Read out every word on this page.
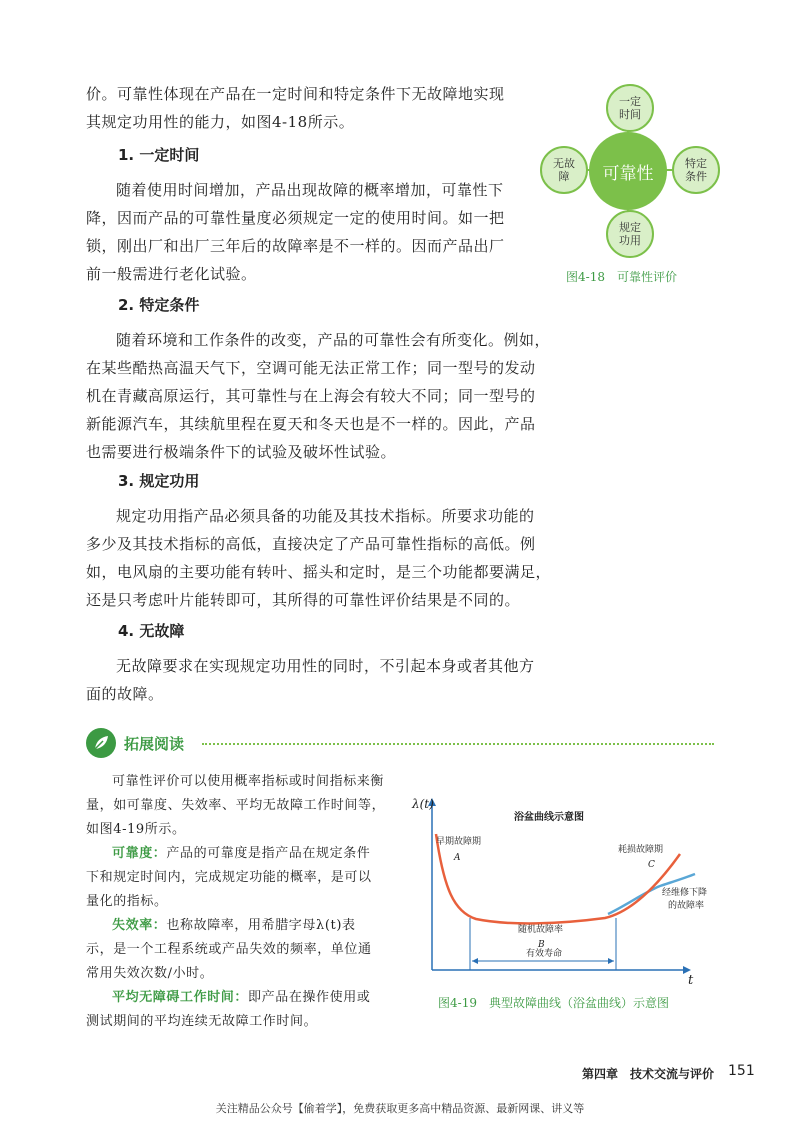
价。可靠性体现在产品在一定时间和特定条件下无故障地实现
其规定功用性的能力，如图4-18所示。
1. 一定时间
随着使用时间增加，产品出现故障的概率增加，可靠性下
降，因而产品的可靠性量度必须规定一定的使用时间。如一把
锁，刚出厂和出厂三年后的故障率是不一样的。因而产品出厂
前一般需进行老化试验。
2. 特定条件
随着环境和工作条件的改变，产品的可靠性会有所变化。例如，
在某些酷热高温天气下，空调可能无法正常工作；同一型号的发动
机在青藏高原运行，其可靠性与在上海会有较大不同；同一型号的
新能源汽车，其续航里程在夏天和冬天也是不一样的。因此，产品
也需要进行极端条件下的试验及破坏性试验。
3. 规定功用
规定功用指产品必须具备的功能及其技术指标。所要求功能的
多少及其技术指标的高低，直接决定了产品可靠性指标的高低。例
如，电风扇的主要功能有转叶、摇头和定时，是三个功能都要满足，
还是只考虑叶片能转即可，其所得的可靠性评价结果是不同的。
4. 无故障
无故障要求在实现规定功用性的同时，不引起本身或者其他方
面的故障。
可靠性
一定
时间
无故
障
特定
条件
规定
功用
图4-18　可靠性评价
拓展阅读
可靠性评价可以使用概率指标或时间指标来衡
量，如可靠度、失效率、平均无故障工作时间等，
如图4-19所示。
可靠度：产品的可靠度是指产品在规定条件
下和规定时间内，完成规定功能的概率，是可以
量化的指标。
失效率：也称故障率，用希腊字母λ(t)表
示，是一个工程系统或产品失效的频率，单位通
常用失效次数/小时。
平均无障碍工作时间：即产品在操作使用或
测试期间的平均连续无故障工作时间。
λ(t)
t
浴盆曲线示意图
早期故障期
A
随机故障率
B
耗损故障期
C
经维修下降
的故障率
有效寿命
图4-19　典型故障曲线（浴盆曲线）示意图
第四章　技术交流与评价 151
关注精品公众号【偷着学】，免费获取更多高中精品资源、最新网课、讲义等
